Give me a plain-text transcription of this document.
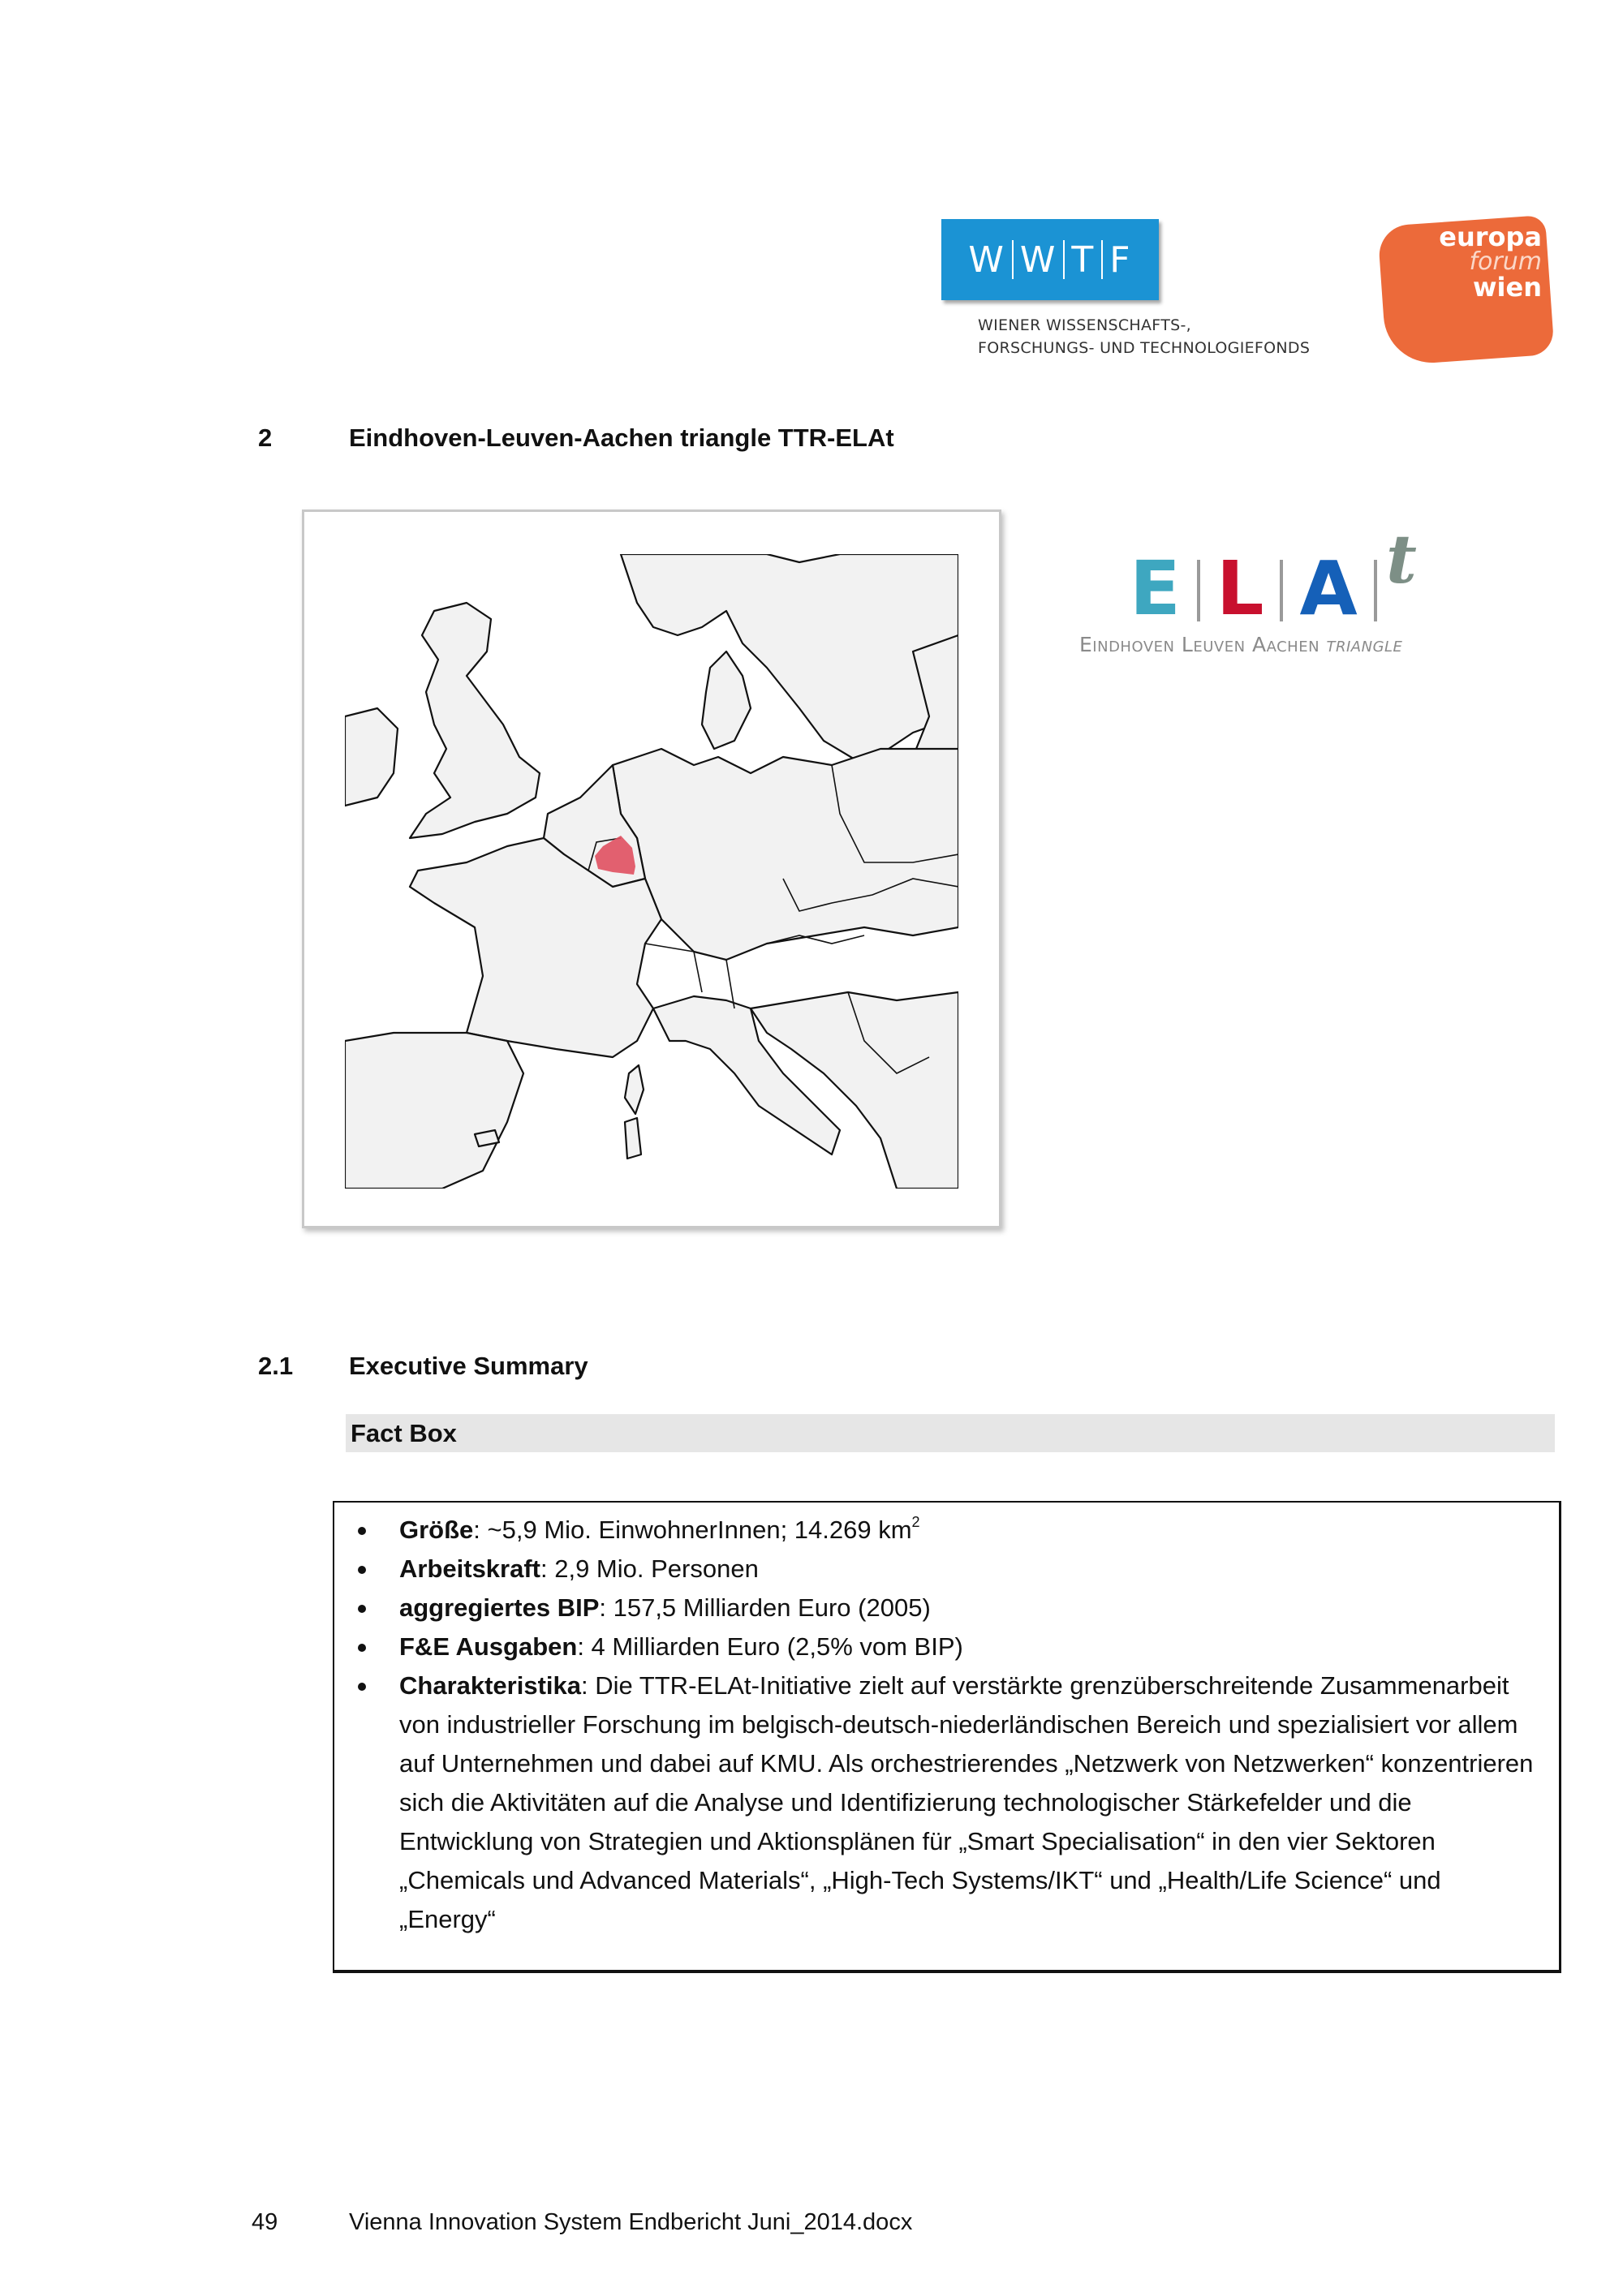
W W T F
WIENER WISSENSCHAFTS-,
FORSCHUNGS- UND TECHNOLOGIEFONDS
europa
forum
wien
2	Eindhoven-Leuven-Aachen triangle TTR-ELAt
E L A t
Eindhoven Leuven Aachen triangle
2.1 Executive Summary
Fact Box
Größe: ~5,9 Mio. EinwohnerInnen; 14.269 $km^2$
Arbeitskraft: 2,9 Mio. Personen
aggregiertes BIP: 157,5 Milliarden Euro (2005)
F&E Ausgaben: 4 Milliarden Euro (2,5% vom BIP)
Charakteristika: Die TTR-ELAt-Initiative zielt auf verstärkte grenzüberschreitende Zusammenarbeit von industrieller Forschung im belgisch-deutsch-niederländischen Bereich und spezialisiert vor allem auf Unternehmen und dabei auf KMU. Als orchestrierendes „Netzwerk von Netzwerken“ konzentrieren sich die Aktivitäten auf die Analyse und Identifizierung technologischer Stärkefelder und die Entwicklung von Strategien und Aktionsplänen für „Smart Specialisation“ in den vier Sektoren „Chemicals und Advanced Materials“, „High-Tech Systems/IKT“ und „Health/Life Science“ und „Energy“
49	Vienna Innovation System Endbericht Juni_2014.docx
